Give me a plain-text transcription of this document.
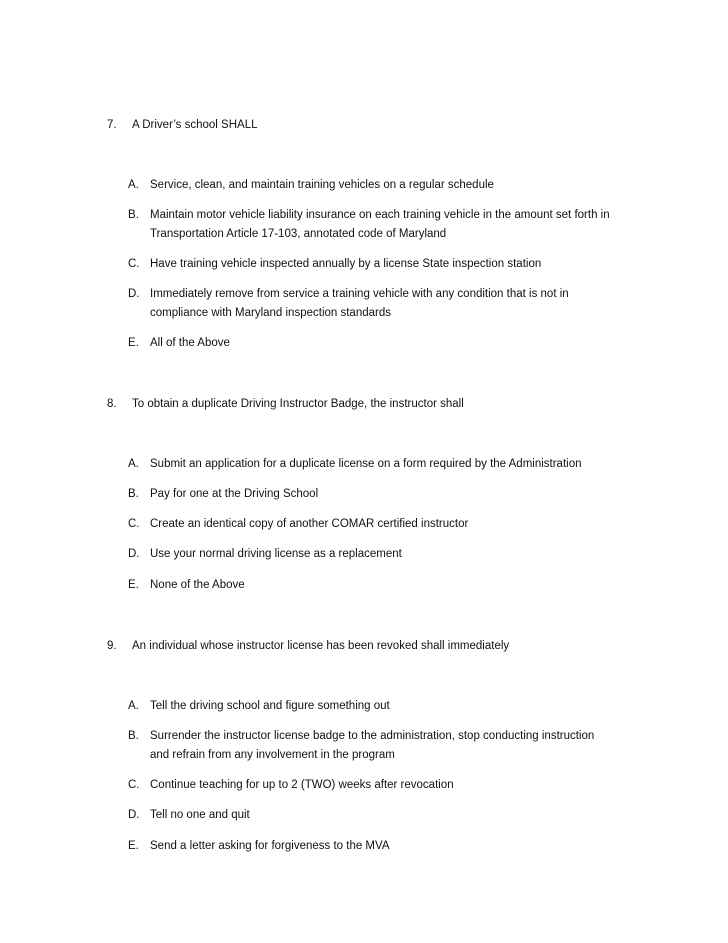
7. A Driver’s school SHALL
A. Service, clean, and maintain training vehicles on a regular schedule
B. Maintain motor vehicle liability insurance on each training vehicle in the amount set forth in
Transportation Article 17-103, annotated code of Maryland
C. Have training vehicle inspected annually by a license State inspection station
D. Immediately remove from service a training vehicle with any condition that is not in
compliance with Maryland inspection standards
E. All of the Above
8. To obtain a duplicate Driving Instructor Badge, the instructor shall
A. Submit an application for a duplicate license on a form required by the Administration
B. Pay for one at the Driving School
C. Create an identical copy of another COMAR certified instructor
D. Use your normal driving license as a replacement
E. None of the Above
9. An individual whose instructor license has been revoked shall immediately
A. Tell the driving school and figure something out
B. Surrender the instructor license badge to the administration, stop conducting instruction
and refrain from any involvement in the program
C. Continue teaching for up to 2 (TWO) weeks after revocation
D. Tell no one and quit
E. Send a letter asking for forgiveness to the MVA
